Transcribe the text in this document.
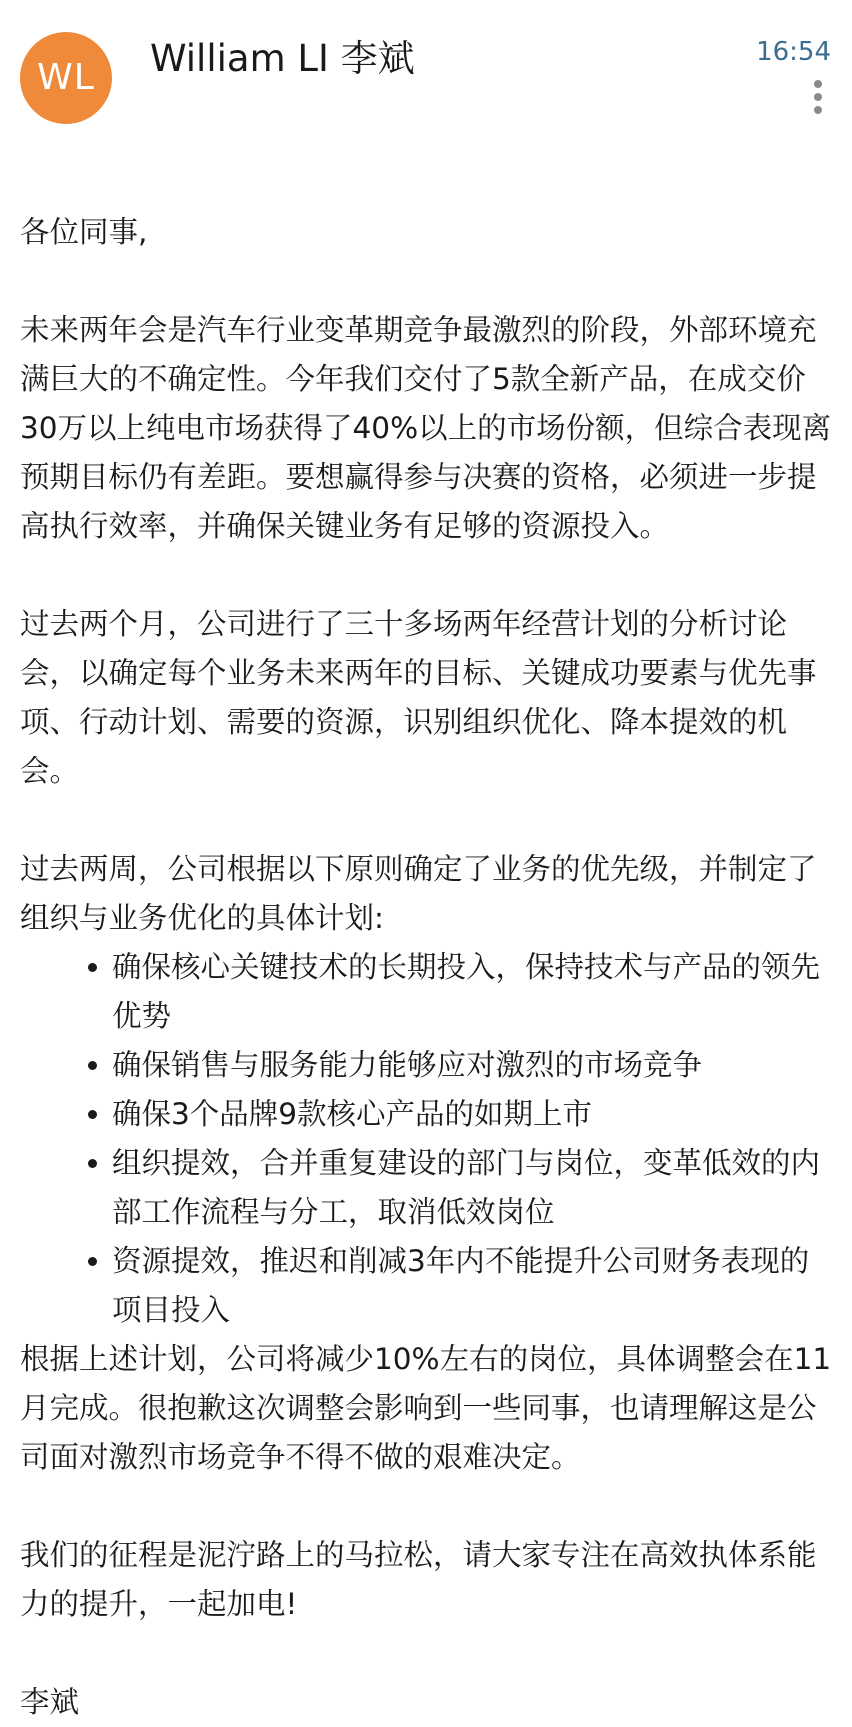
WL	William LI 李斌	16:54

各位同事,

未来两年会是汽车行业变革期竞争最激烈的阶段，外部环境充满巨大的不确定性。今年我们交付了5款全新产品，在成交价30万以上纯电市场获得了40%以上的市场份额，但综合表现离预期目标仍有差距。要想赢得参与决赛的资格，必须进一步提高执行效率，并确保关键业务有足够的资源投入。

过去两个月，公司进行了三十多场两年经营计划的分析讨论会，以确定每个业务未来两年的目标、关键成功要素与优先事项、行动计划、需要的资源，识别组织优化、降本提效的机会。

过去两周，公司根据以下原则确定了业务的优先级，并制定了组织与业务优化的具体计划:

确保核心关键技术的长期投入，保持技术与产品的领先优势
确保销售与服务能力能够应对激烈的市场竞争
确保3个品牌9款核心产品的如期上市
组织提效，合并重复建设的部门与岗位，变革低效的内部工作流程与分工，取消低效岗位
资源提效，推迟和削减3年内不能提升公司财务表现的项目投入

根据上述计划，公司将减少10%左右的岗位，具体调整会在11月完成。很抱歉这次调整会影响到一些同事，也请理解这是公司面对激烈市场竞争不得不做的艰难决定。

我们的征程是泥泞路上的马拉松，请大家专注在高效执体系能力的提升，一起加电!

李斌
